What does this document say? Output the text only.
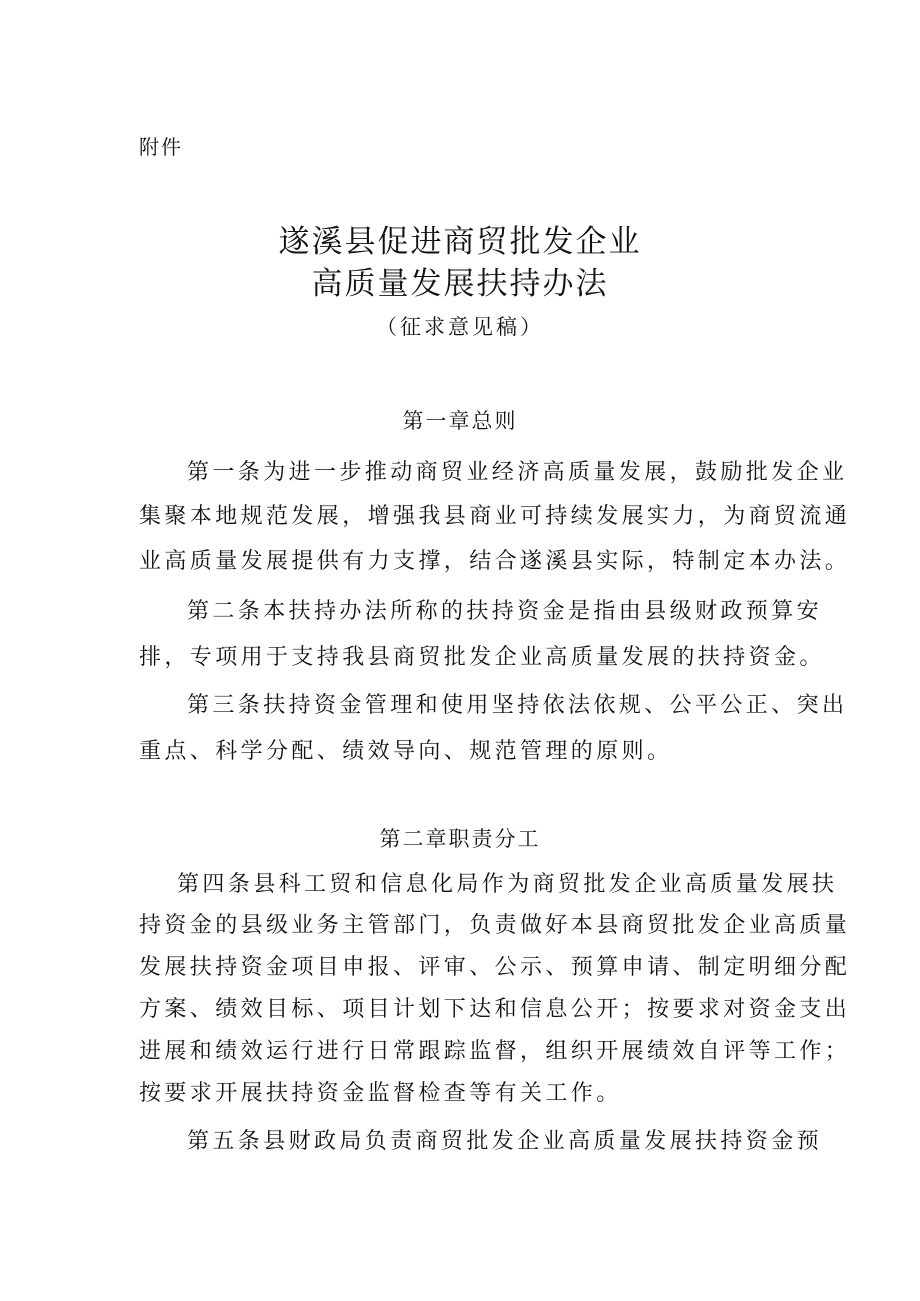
附件
遂溪县促进商贸批发企业
高质量发展扶持办法
（征求意见稿）
第一章总则
第一条为进一步推动商贸业经济高质量发展，鼓励批发企业
集聚本地规范发展，增强我县商业可持续发展实力，为商贸流通
业高质量发展提供有力支撑，结合遂溪县实际，特制定本办法。
第二条本扶持办法所称的扶持资金是指由县级财政预算安
排，专项用于支持我县商贸批发企业高质量发展的扶持资金。
第三条扶持资金管理和使用坚持依法依规、公平公正、突出
重点、科学分配、绩效导向、规范管理的原则。
第二章职责分工
第四条县科工贸和信息化局作为商贸批发企业高质量发展扶
持资金的县级业务主管部门，负责做好本县商贸批发企业高质量
发展扶持资金项目申报、评审、公示、预算申请、制定明细分配
方案、绩效目标、项目计划下达和信息公开；按要求对资金支出
进展和绩效运行进行日常跟踪监督，组织开展绩效自评等工作；
按要求开展扶持资金监督检查等有关工作。
第五条县财政局负责商贸批发企业高质量发展扶持资金预
